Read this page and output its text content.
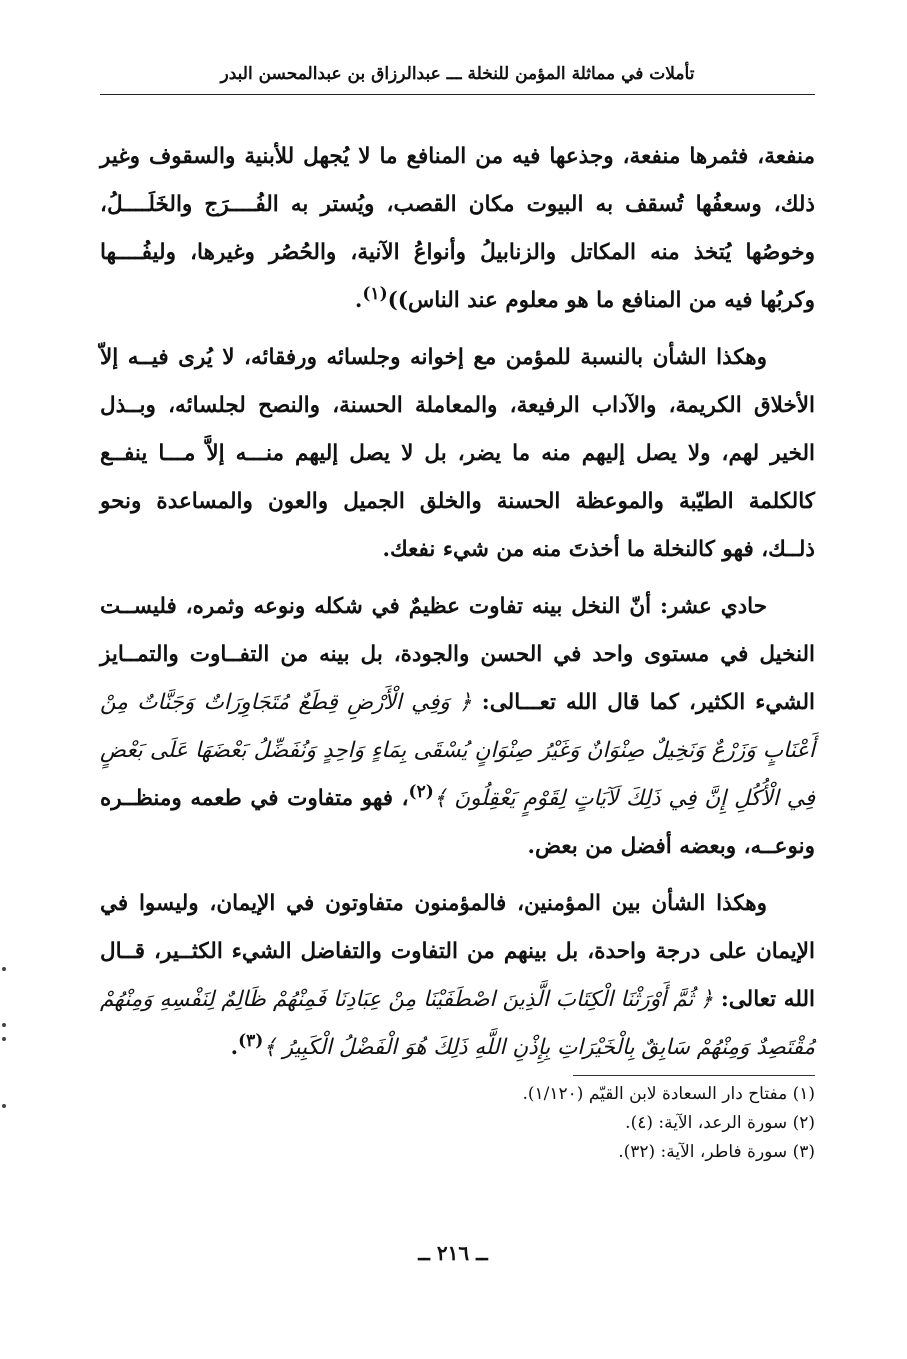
تأملات في مماثلة المؤمن للنخلة ـــ عبدالرزاق بن عبدالمحسن البدر

منفعة، فثمرها منفعة، وجذعها فيه من المنافع ما لا يُجهل للأبنية والسقوف وغير ذلك، وسعفُها تُسقف به البيوت مكان القصب، ويُستر به الفُــــرَج والخَلَــــلُ، وخوصُها يُتخذ منه المكاتل والزنابيلُ وأنواعُ الآنية، والحُصُر وغيرها، وليفُــــها وكربُها فيه من المنافع ما هو معلوم عند الناس))$^{(١)}$.

وهكذا الشأن بالنسبة للمؤمن مع إخوانه وجلسائه ورفقائه، لا يُرى فيــه إلاّ الأخلاق الكريمة، والآداب الرفيعة، والمعاملة الحسنة، والنصح لجلسائه، وبــذل الخير لهم، ولا يصل إليهم منه ما يضر، بل لا يصل إليهم منـــه إلاَّ مـــا ينفــع كالكلمة الطيّبة والموعظة الحسنة والخلق الجميل والعون والمساعدة ونحو ذلــك، فهو كالنخلة ما أخذتَ منه من شيء نفعك.

حادي عشر: أنّ النخل بينه تفاوت عظيمٌ في شكله ونوعه وثمره، فليســت النخيل في مستوى واحد في الحسن والجودة، بل بينه من التفــاوت والتمــايز الشيء الكثير، كما قال الله تعـــالى: ﴿ وَفِي الْأَرْضِ قِطَعٌ مُتَجَاوِرَاتٌ وَجَنَّاتٌ مِنْ أَعْنَابٍ وَزَرْعٌ وَنَخِيلٌ صِنْوَانٌ وَغَيْرُ صِنْوَانٍ يُسْقَى بِمَاءٍ وَاحِدٍ وَنُفَضِّلُ بَعْضَهَا عَلَى بَعْضٍ فِي الْأُكُلِ إِنَّ فِي ذَلِكَ لَآيَاتٍ لِقَوْمٍ يَعْقِلُونَ ﴾$^{(٢)}$، فهو متفاوت في طعمه ومنظــره ونوعــه، وبعضه أفضل من بعض.

وهكذا الشأن بين المؤمنين، فالمؤمنون متفاوتون في الإيمان، وليسوا في الإيمان على درجة واحدة، بل بينهم من التفاوت والتفاضل الشيء الكثــير، قــال الله تعالى: ﴿ ثُمَّ أَوْرَثْنَا الْكِتَابَ الَّذِينَ اصْطَفَيْنَا مِنْ عِبَادِنَا فَمِنْهُمْ ظَالِمٌ لِنَفْسِهِ وَمِنْهُمْ مُقْتَصِدٌ وَمِنْهُمْ سَابِقٌ بِالْخَيْرَاتِ بِإِذْنِ اللَّهِ ذَلِكَ هُوَ الْفَضْلُ الْكَبِيرُ ﴾$^{(٣)}$.

(١) مفتاح دار السعادة لابن القيّم (١/١٢٠).

(٢) سورة الرعد، الآية: (٤).

(٣) سورة فاطر، الآية: (٣٢).

ــ ٢١٦ ــ
